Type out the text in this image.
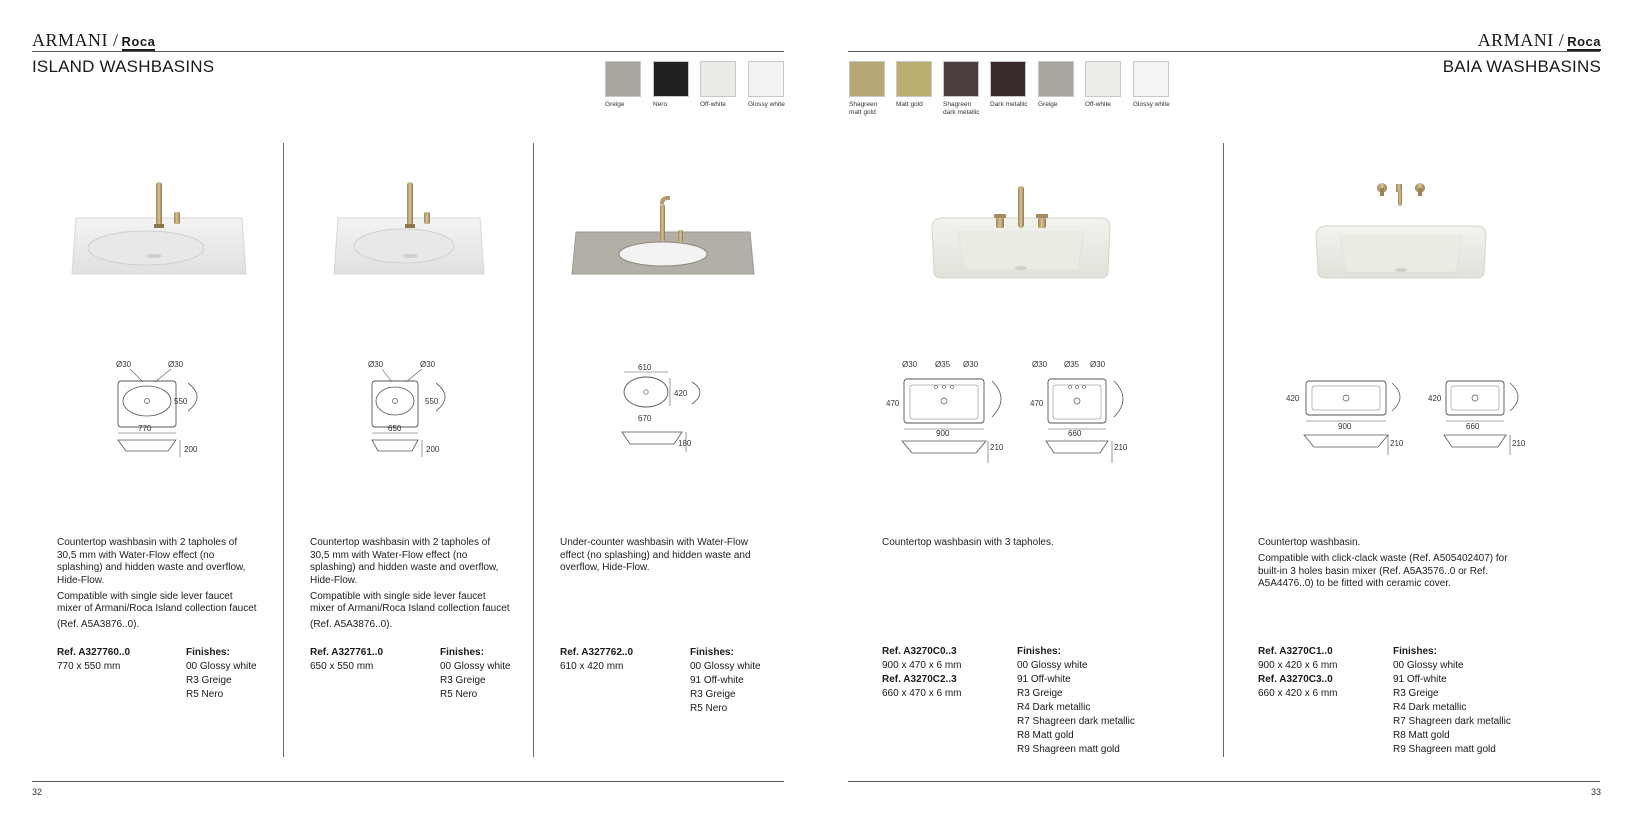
ARMANI / Roca
ISLAND WASHBASINS
Greige	Nero	Off-white	Glossy white
Ø30	Ø30
550
770
200

Countertop washbasin with 2 tapholes of 30,5 mm with Water-Flow effect (no splashing) and hidden waste and overflow, Hide-Flow.

Compatible with single side lever faucet mixer of Armani/Roca Island collection faucet

(Ref. A5A3876..0).

Ref. A327760..0
770 x 550 mm
Finishes:
00 Glossy white
R3 Greige
R5 Nero
Ø30	Ø30
550
650
200

Countertop washbasin with 2 tapholes of 30,5 mm with Water-Flow effect (no splashing) and hidden waste and overflow, Hide-Flow.

Compatible with single side lever faucet mixer of Armani/Roca Island collection faucet

(Ref. A5A3876..0).

Ref. A327761..0
650 x 550 mm
Finishes:
00 Glossy white
R3 Greige
R5 Nero
610
420
670
180

Under-counter washbasin with Water-Flow effect (no splashing) and hidden waste and overflow, Hide-Flow.

Ref. A327762..0
610 x 420 mm
Finishes:
00 Glossy white
91 Off-white
R3 Greige
R5 Nero
32
ARMANI / Roca
BAIA WASHBASINS
Shagreen matt gold
Matt gold	Shagreen dark metallic
Dark metallic	Greige	Off-white	Glossy white
Ø30 Ø35 Ø30
470
900
210
Ø30 Ø35 Ø30
470
660
210

Countertop washbasin with 3 tapholes.

Ref. A3270C0..3
900 x 470 x 6 mm
Ref. A3270C2..3
660 x 470 x 6 mm
Finishes:
00 Glossy white
91 Off-white
R3 Greige
R4 Dark metallic
R7 Shagreen dark metallic
R8 Matt gold
R9 Shagreen matt gold
420
900
210
420
660
210

Countertop washbasin.

Compatible with click-clack waste (Ref. A505402407) for built-in 3 holes basin mixer (Ref. A5A3576..0 or Ref. A5A4476..0) to be fitted with ceramic cover.

Ref. A3270C1..0
900 x 420 x 6 mm
Ref. A3270C3..0
660 x 420 x 6 mm
Finishes:
00 Glossy white
91 Off-white
R3 Greige
R4 Dark metallic
R7 Shagreen dark metallic
R8 Matt gold
R9 Shagreen matt gold
33
